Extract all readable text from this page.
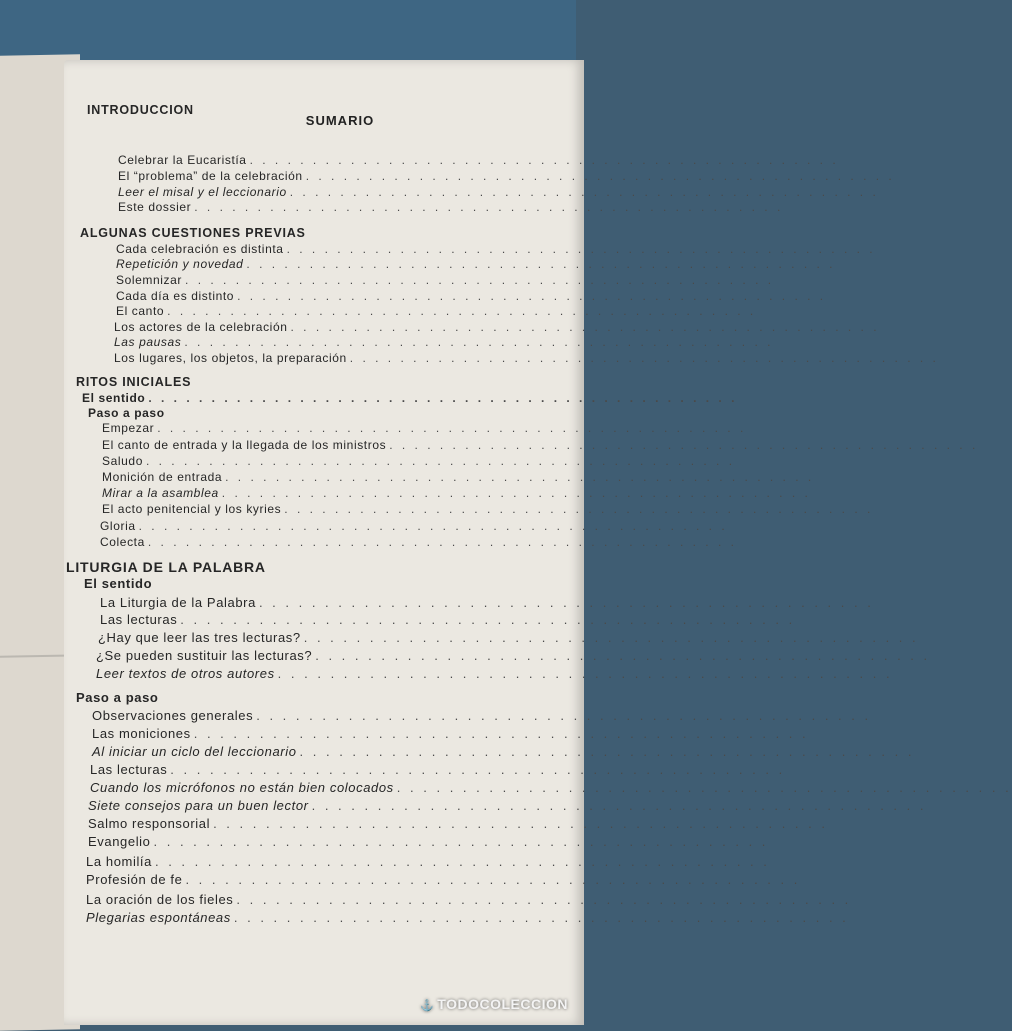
SUMARIO
INTRODUCCION
Celebrar la Eucaristía . . . . . . . . . . . . . . . . . . . . . . . . . . . . . . . . . . . . . . . . . . . . . . .
El “problema” de la celebración . . . . . . . . . . . . . . . . . . . . . . . . . . . . . . . . . . . . . . . . . . . . . . .
Leer el misal y el leccionario . . . . . . . . . . . . . . . . . . . . . . . . . . . . . . . . . . . . . . . . . . . . . . .
Este dossier . . . . . . . . . . . . . . . . . . . . . . . . . . . . . . . . . . . . . . . . . . . . . . .
ALGUNAS CUESTIONES PREVIAS
Cada celebración es distinta . . . . . . . . . . . . . . . . . . . . . . . . . . . . . . . . . . . . . . . . . . . . . . .
Repetición y novedad . . . . . . . . . . . . . . . . . . . . . . . . . . . . . . . . . . . . . . . . . . . . . . .
Solemnizar . . . . . . . . . . . . . . . . . . . . . . . . . . . . . . . . . . . . . . . . . . . . . . .
Cada día es distinto . . . . . . . . . . . . . . . . . . . . . . . . . . . . . . . . . . . . . . . . . . . . . . .
El canto . . . . . . . . . . . . . . . . . . . . . . . . . . . . . . . . . . . . . . . . . . . . . . .
Los actores de la celebración . . . . . . . . . . . . . . . . . . . . . . . . . . . . . . . . . . . . . . . . . . . . . . .
Las pausas . . . . . . . . . . . . . . . . . . . . . . . . . . . . . . . . . . . . . . . . . . . . . . .
Los lugares, los objetos, la preparación . . . . . . . . . . . . . . . . . . . . . . . . . . . . . . . . . . . . . . . . . . . . . . .
RITOS INICIALES
El sentido . . . . . . . . . . . . . . . . . . . . . . . . . . . . . . . . . . . . . . . . . . . . . . .
Paso a paso
Empezar . . . . . . . . . . . . . . . . . . . . . . . . . . . . . . . . . . . . . . . . . . . . . . .
El canto de entrada y la llegada de los ministros . . . . . . . . . . . . . . . . . . . . . . . . . . . . . . . . . . . . . . . . . . . . . . .
Saludo . . . . . . . . . . . . . . . . . . . . . . . . . . . . . . . . . . . . . . . . . . . . . . .
Monición de entrada . . . . . . . . . . . . . . . . . . . . . . . . . . . . . . . . . . . . . . . . . . . . . . .
Mirar a la asamblea . . . . . . . . . . . . . . . . . . . . . . . . . . . . . . . . . . . . . . . . . . . . . . .
El acto penitencial y los kyries . . . . . . . . . . . . . . . . . . . . . . . . . . . . . . . . . . . . . . . . . . . . . . .
Gloria . . . . . . . . . . . . . . . . . . . . . . . . . . . . . . . . . . . . . . . . . . . . . . .
Colecta . . . . . . . . . . . . . . . . . . . . . . . . . . . . . . . . . . . . . . . . . . . . . . .
LITURGIA DE LA PALABRA
El sentido
La Liturgia de la Palabra . . . . . . . . . . . . . . . . . . . . . . . . . . . . . . . . . . . . . . . . . . . . . . .
Las lecturas . . . . . . . . . . . . . . . . . . . . . . . . . . . . . . . . . . . . . . . . . . . . . . .
¿Hay que leer las tres lecturas? . . . . . . . . . . . . . . . . . . . . . . . . . . . . . . . . . . . . . . . . . . . . . . .
¿Se pueden sustituir las lecturas? . . . . . . . . . . . . . . . . . . . . . . . . . . . . . . . . . . . . . . . . . . . . . . .
Leer textos de otros autores . . . . . . . . . . . . . . . . . . . . . . . . . . . . . . . . . . . . . . . . . . . . . . .
Paso a paso
Observaciones generales . . . . . . . . . . . . . . . . . . . . . . . . . . . . . . . . . . . . . . . . . . . . . . .
Las moniciones . . . . . . . . . . . . . . . . . . . . . . . . . . . . . . . . . . . . . . . . . . . . . . .
Al iniciar un ciclo del leccionario . . . . . . . . . . . . . . . . . . . . . . . . . . . . . . . . . . . . . . . . . . . . . . .
Las lecturas . . . . . . . . . . . . . . . . . . . . . . . . . . . . . . . . . . . . . . . . . . . . . . .
Cuando los micrófonos no están bien colocados . . . . . . . . . . . . . . . . . . . . . . . . . . . . . . . . . . . . . . . . . . . . . . .
Siete consejos para un buen lector . . . . . . . . . . . . . . . . . . . . . . . . . . . . . . . . . . . . . . . . . . . . . . .
Salmo responsorial . . . . . . . . . . . . . . . . . . . . . . . . . . . . . . . . . . . . . . . . . . . . . . .
Evangelio . . . . . . . . . . . . . . . . . . . . . . . . . . . . . . . . . . . . . . . . . . . . . . .
La homilía . . . . . . . . . . . . . . . . . . . . . . . . . . . . . . . . . . . . . . . . . . . . . . .
Profesión de fe . . . . . . . . . . . . . . . . . . . . . . . . . . . . . . . . . . . . . . . . . . . . . . .
La oración de los fieles . . . . . . . . . . . . . . . . . . . . . . . . . . . . . . . . . . . . . . . . . . . . . . .
Plegarias espontáneas . . . . . . . . . . . . . . . . . . . . . . . . . . . . . . . . . . . . . . . . . . . . . . .
⚓ TODOCOLECCION
